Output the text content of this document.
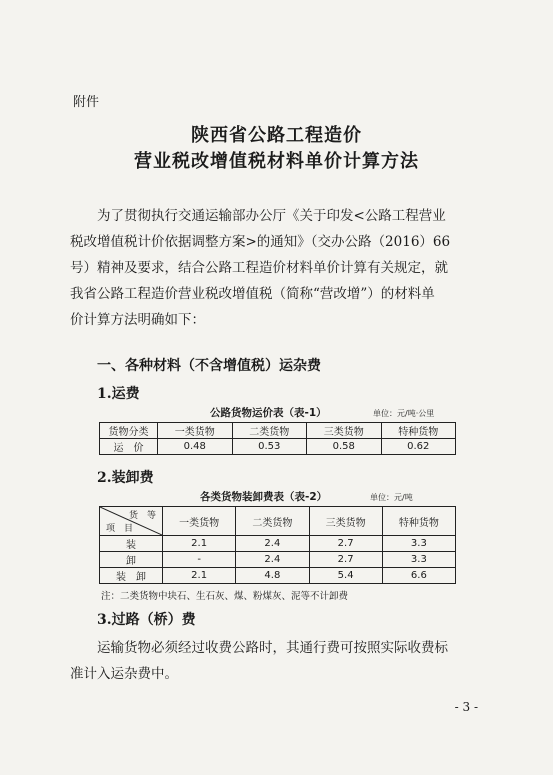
附件
陕西省公路工程造价
营业税改增值税材料单价计算方法
为了贯彻执行交通运输部办公厅《关于印发<公路工程营业
税改增值税计价依据调整方案>的通知》（交办公路（2016）66
号）精神及要求，结合公路工程造价材料单价计算有关规定，就
我省公路工程造价营业税改增值税（简称“营改增”）的材料单
价计算方法明确如下：
一、各种材料（不含增值税）运杂费
1.运费
公路货物运价表（表-1）	单位：元/吨·公里
货物分类	一类货物	二类货物	三类货物	特种货物
运　价	0.48	0.53	0.58	0.62
2.装卸费
各类货物装卸费表（表-2）	单位：元/吨
货　等
项　目	一类货物	二类货物	三类货物	特种货物
装	2.1	2.4	2.7	3.3
卸	-	2.4	2.7	3.3
装　卸	2.1	4.8	5.4	6.6
注：二类货物中块石、生石灰、煤、粉煤灰、泥等不计卸费
3.过路（桥）费
运输货物必须经过收费公路时，其通行费可按照实际收费标
准计入运杂费中。
- 3 -
